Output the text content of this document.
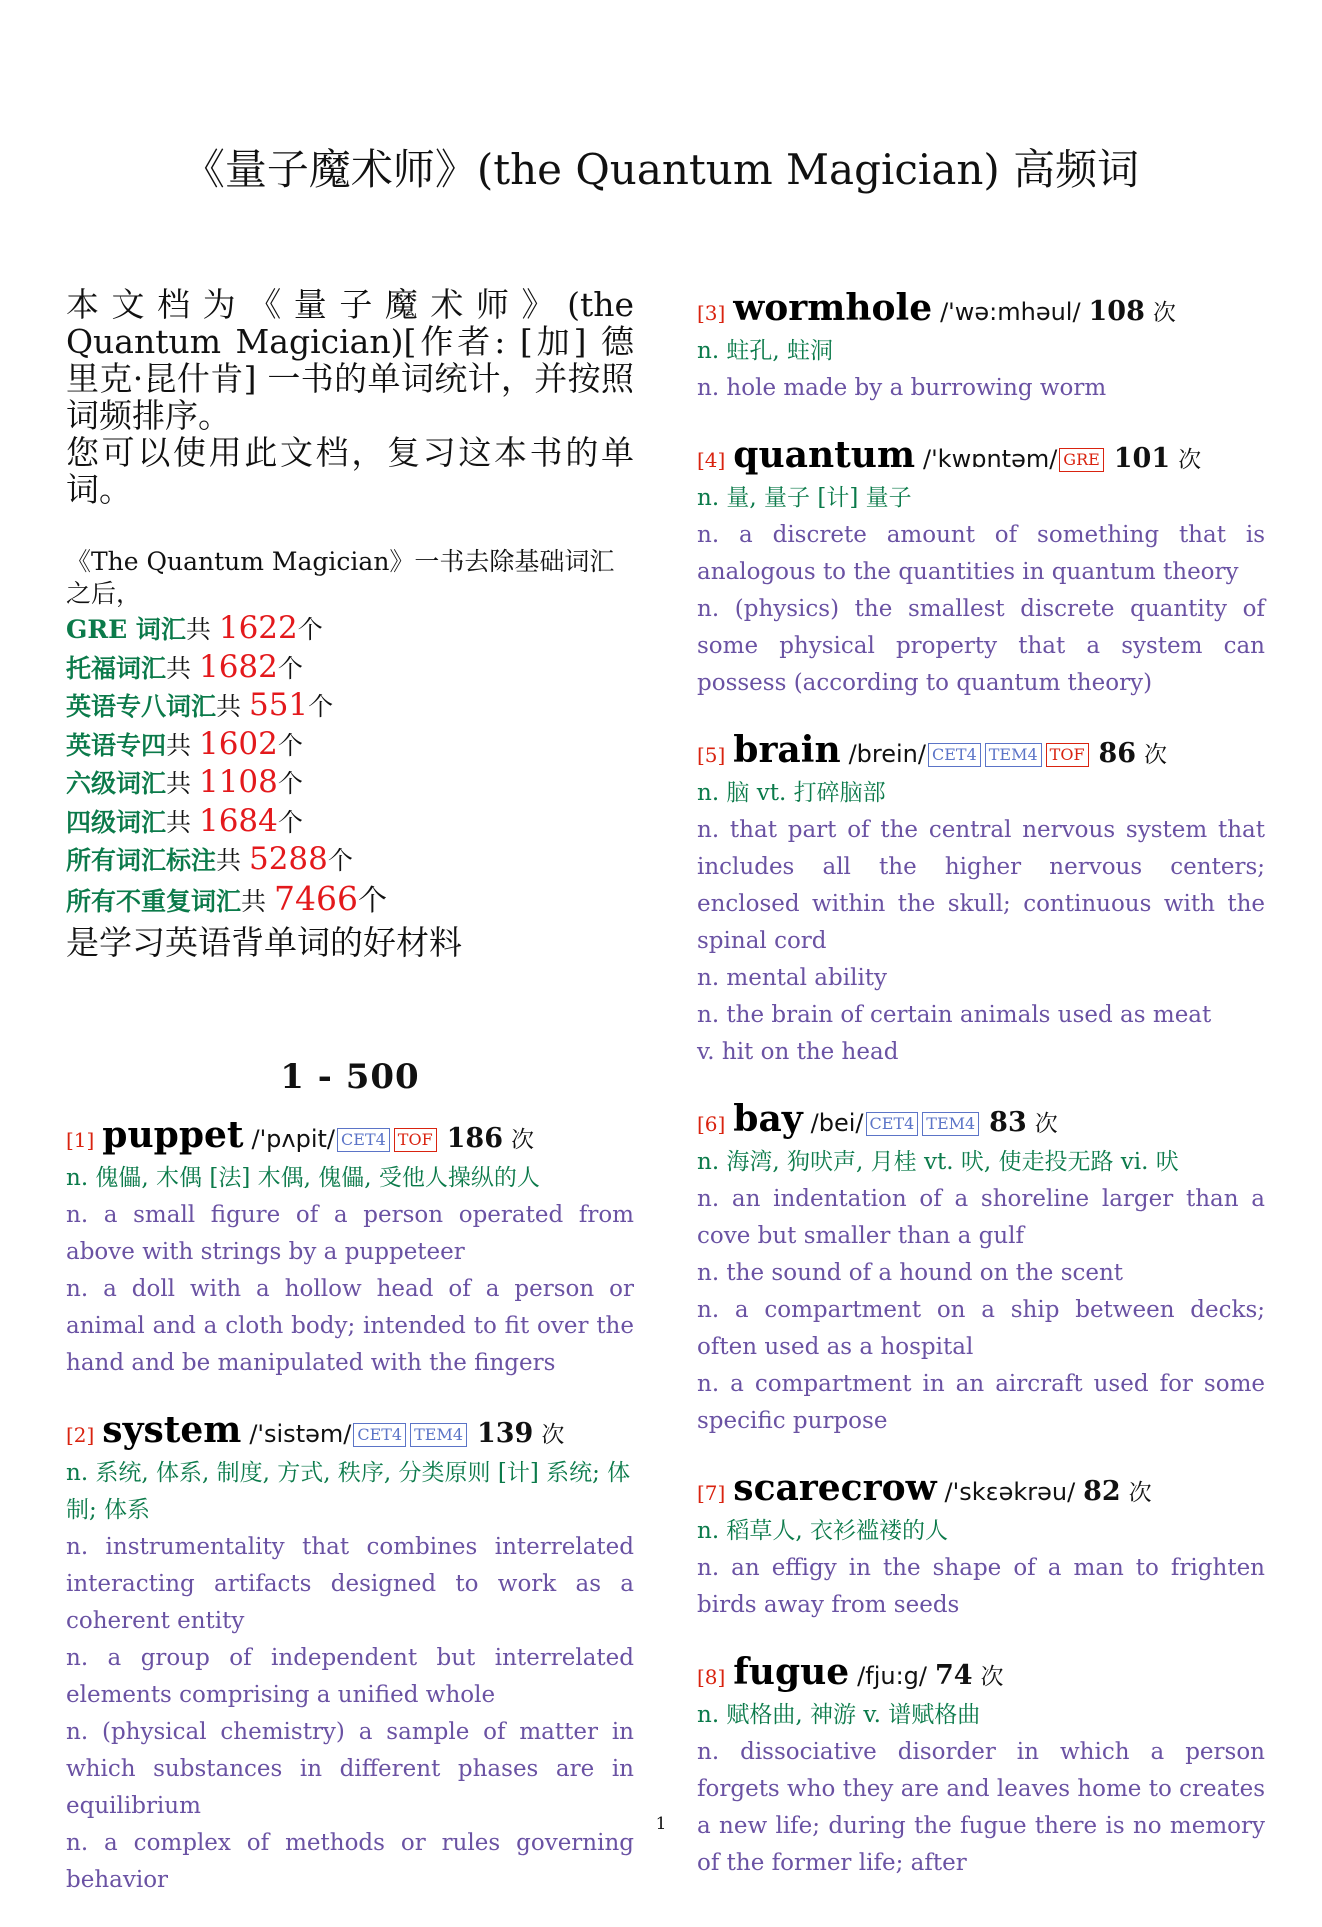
《量子魔术师》(the Quantum Magician) 高频词

本文档为《量子魔术师》(the Quantum Magician)[作者: [加] 德里克·昆什肯] 一书的单词统计，并按照词频排序。

您可以使用此文档，复习这本书的单词。

《The Quantum Magician》一书去除基础词汇之后，
GRE 词汇共 1622个
托福词汇共 1682个
英语专八词汇共 551个
英语专四共 1602个
六级词汇共 1108个
四级词汇共 1684个
所有词汇标注共 5288个
所有不重复词汇共 7466个
是学习英语背单词的好材料
1 - 500
[1] puppet /'pʌpit/ CET4 TOF 186 次
n. 傀儡, 木偶 [法] 木偶, 傀儡, 受他人操纵的人
n. a small figure of a person operated from above with strings by a puppeteer
n. a doll with a hollow head of a person or animal and a cloth body; intended to fit over the hand and be manipulated with the fingers
[2] system /'sistəm/ CET4 TEM4 139 次
n. 系统, 体系, 制度, 方式, 秩序, 分类原则 [计] 系统; 体制; 体系
n. instrumentality that combines interrelated interacting artifacts designed to work as a coherent entity
n. a group of independent but interrelated elements comprising a unified whole
n. (physical chemistry) a sample of matter in which substances in different phases are in equilibrium
n. a complex of methods or rules governing behavior
[3] wormhole /'wə:mhəul/ 108 次
n. 蛀孔, 蛀洞
n. hole made by a burrowing worm
[4] quantum /'kwɒntəm/ GRE 101 次
n. 量, 量子 [计] 量子
n. a discrete amount of something that is analogous to the quantities in quantum theory
n. (physics) the smallest discrete quantity of some physical property that a system can possess (according to quantum theory)
[5] brain /brein/ CET4 TEM4 TOF 86 次
n. 脑 vt. 打碎脑部
n. that part of the central nervous system that includes all the higher nervous centers; enclosed within the skull; continuous with the spinal cord
n. mental ability
n. the brain of certain animals used as meat
v. hit on the head
[6] bay /bei/ CET4 TEM4 83 次
n. 海湾, 狗吠声, 月桂 vt. 吠, 使走投无路 vi. 吠
n. an indentation of a shoreline larger than a cove but smaller than a gulf
n. the sound of a hound on the scent
n. a compartment on a ship between decks; often used as a hospital
n. a compartment in an aircraft used for some specific purpose
[7] scarecrow /'skɛəkrəu/ 82 次
n. 稻草人, 衣衫褴褛的人
n. an effigy in the shape of a man to frighten birds away from seeds
[8] fugue /fju:g/ 74 次
n. 赋格曲, 神游 v. 谱赋格曲
n. dissociative disorder in which a person forgets who they are and leaves home to creates a new life; during the fugue there is no memory of the former life; after
1
